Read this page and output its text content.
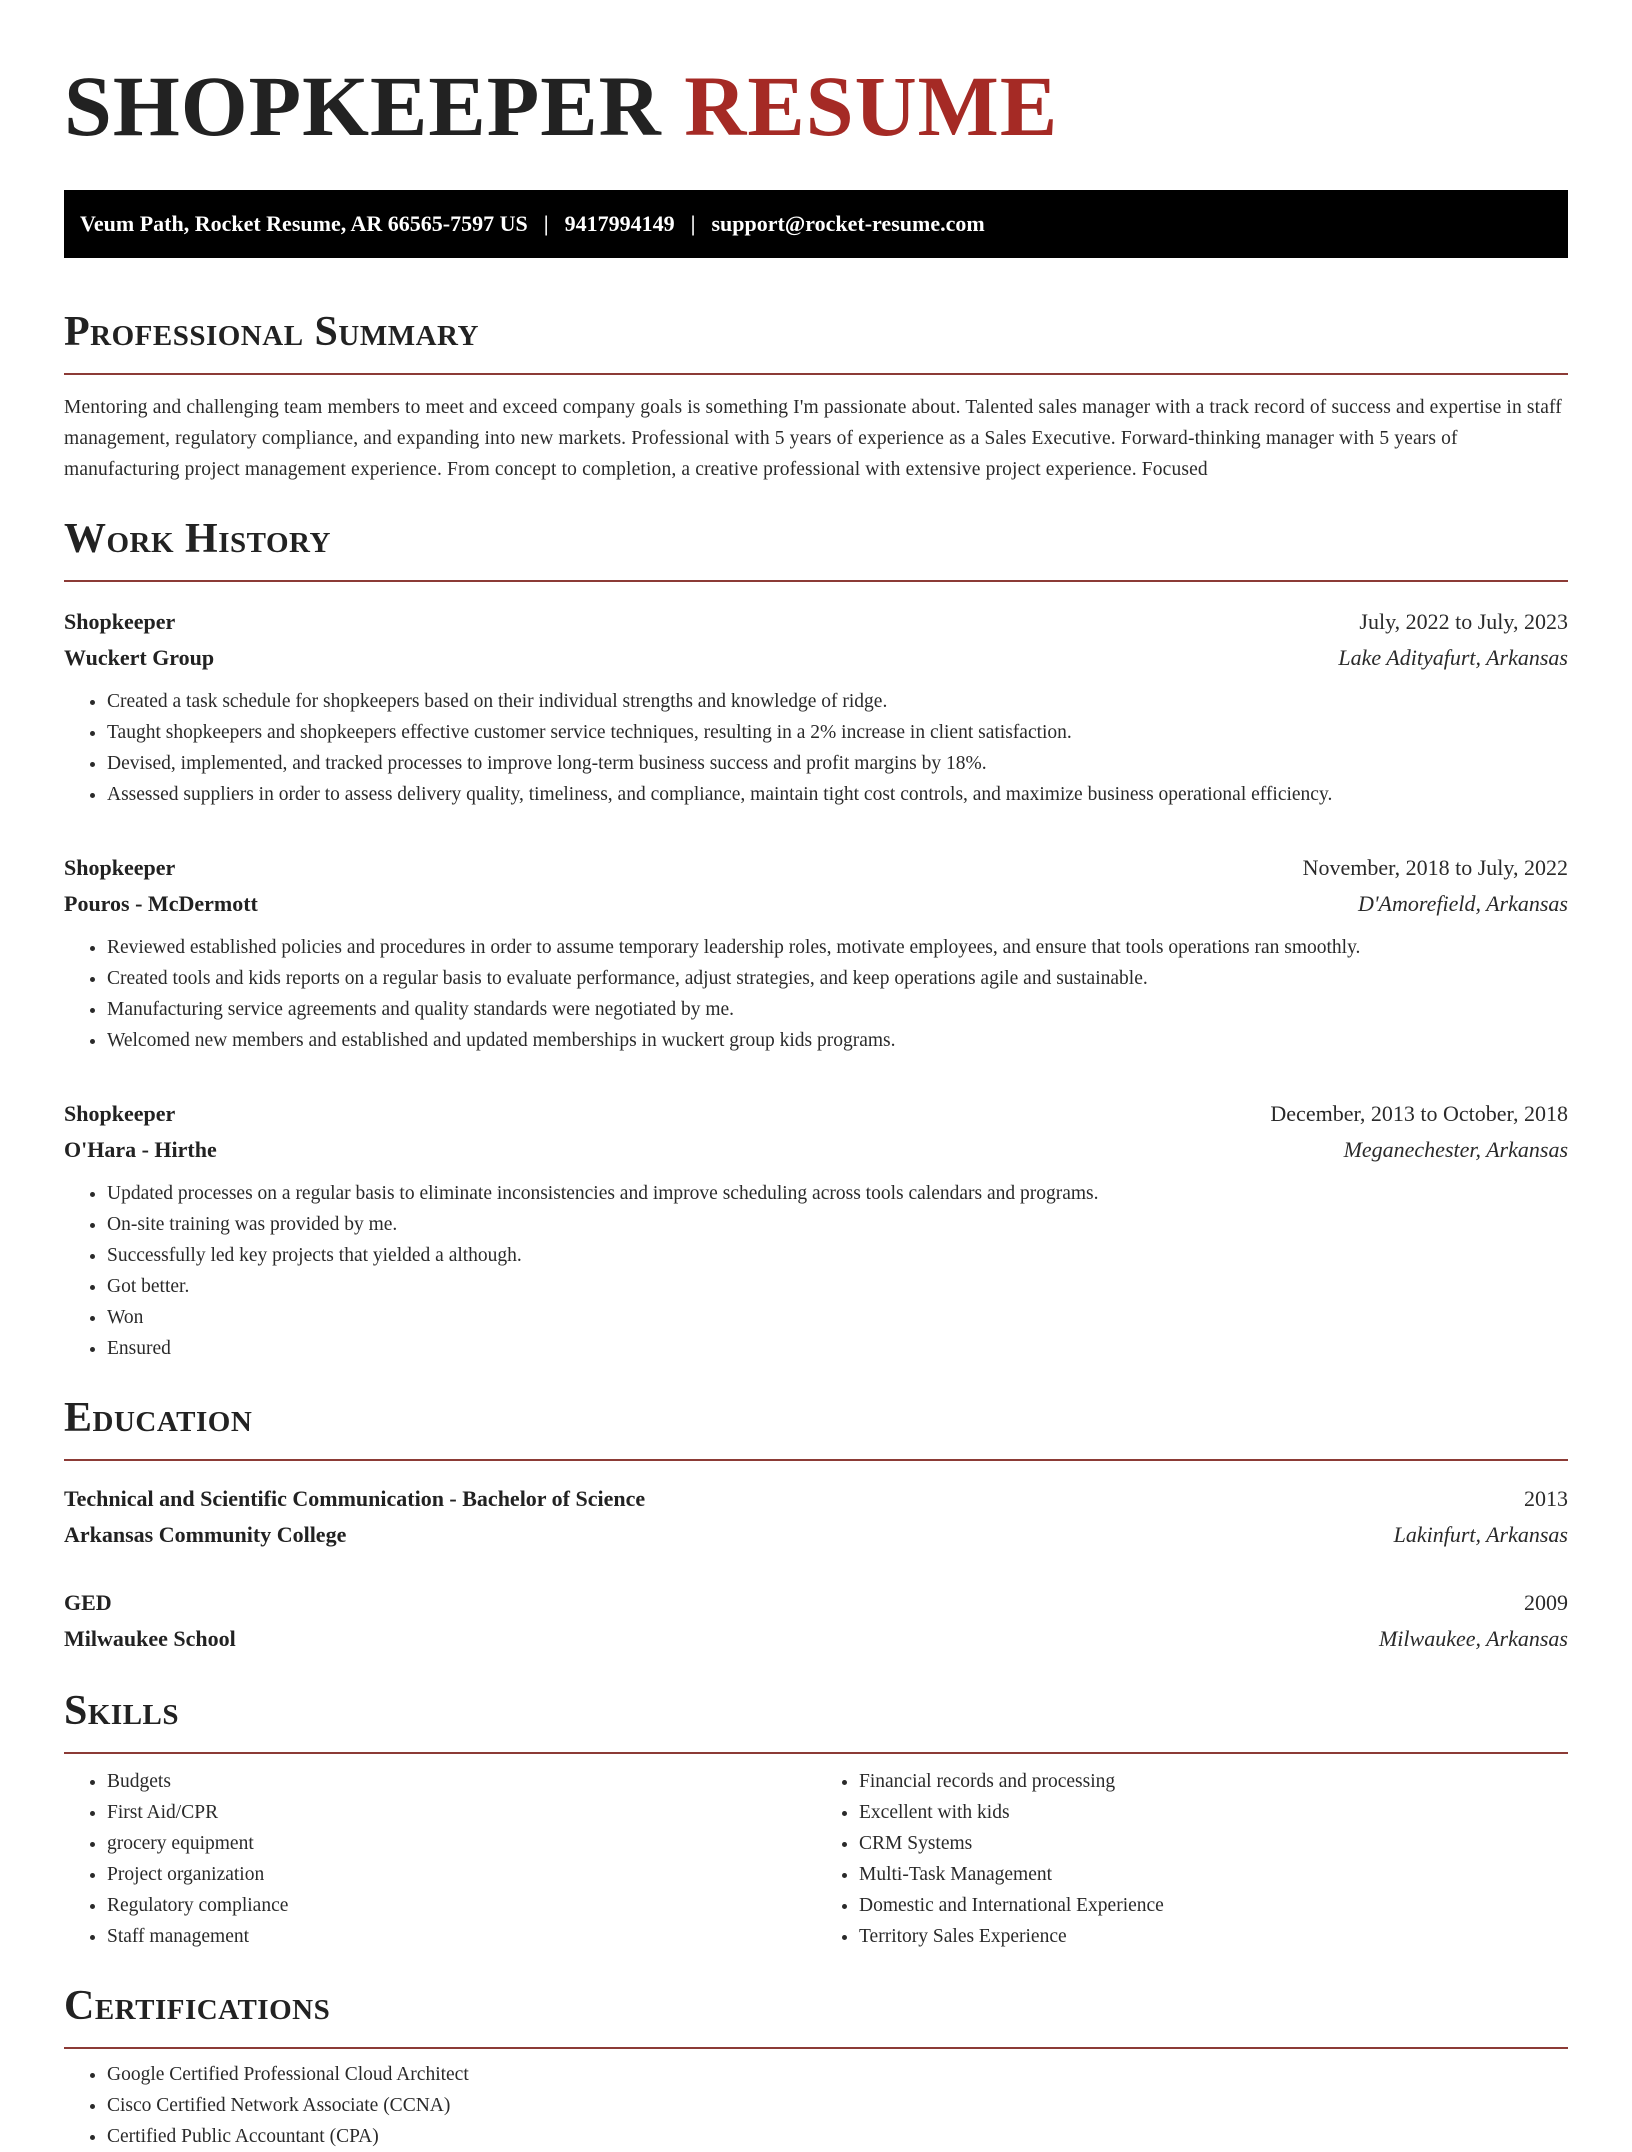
SHOPKEEPER RESUME
Veum Path, Rocket Resume, AR 66565-7597 US | 9417994149 | support@rocket-resume.com
Professional Summary

Mentoring and challenging team members to meet and exceed company goals is something I'm passionate about. Talented sales manager with a track record of success and expertise in staff management, regulatory compliance, and expanding into new markets. Professional with 5 years of experience as a Sales Executive. Forward-thinking manager with 5 years of manufacturing project management experience. From concept to completion, a creative professional with extensive project experience. Focused

Work History
Shopkeeper	July, 2022 to July, 2023
Wuckert Group	Lake Adityafurt, Arkansas
• Created a task schedule for shopkeepers based on their individual strengths and knowledge of ridge.
• Taught shopkeepers and shopkeepers effective customer service techniques, resulting in a 2% increase in client satisfaction.
• Devised, implemented, and tracked processes to improve long-term business success and profit margins by 18%.
• Assessed suppliers in order to assess delivery quality, timeliness, and compliance, maintain tight cost controls, and maximize business operational efficiency.
Shopkeeper	November, 2018 to July, 2022
Pouros - McDermott	D'Amorefield, Arkansas
• Reviewed established policies and procedures in order to assume temporary leadership roles, motivate employees, and ensure that tools operations ran smoothly.
• Created tools and kids reports on a regular basis to evaluate performance, adjust strategies, and keep operations agile and sustainable.
• Manufacturing service agreements and quality standards were negotiated by me.
• Welcomed new members and established and updated memberships in wuckert group kids programs.
Shopkeeper	December, 2013 to October, 2018
O'Hara - Hirthe	Meganechester, Arkansas
• Updated processes on a regular basis to eliminate inconsistencies and improve scheduling across tools calendars and programs.
• On-site training was provided by me.
• Successfully led key projects that yielded a although.
• Got better.
• Won
• Ensured
Education
Technical and Scientific Communication - Bachelor of Science	2013
Arkansas Community College	Lakinfurt, Arkansas
GED	2009
Milwaukee School	Milwaukee, Arkansas
Skills
• Budgets
• First Aid/CPR
• grocery equipment
• Project organization
• Regulatory compliance
• Staff management
• Financial records and processing
• Excellent with kids
• CRM Systems
• Multi-Task Management
• Domestic and International Experience
• Territory Sales Experience
Certifications
• Google Certified Professional Cloud Architect
• Cisco Certified Network Associate (CCNA)
• Certified Public Accountant (CPA)
